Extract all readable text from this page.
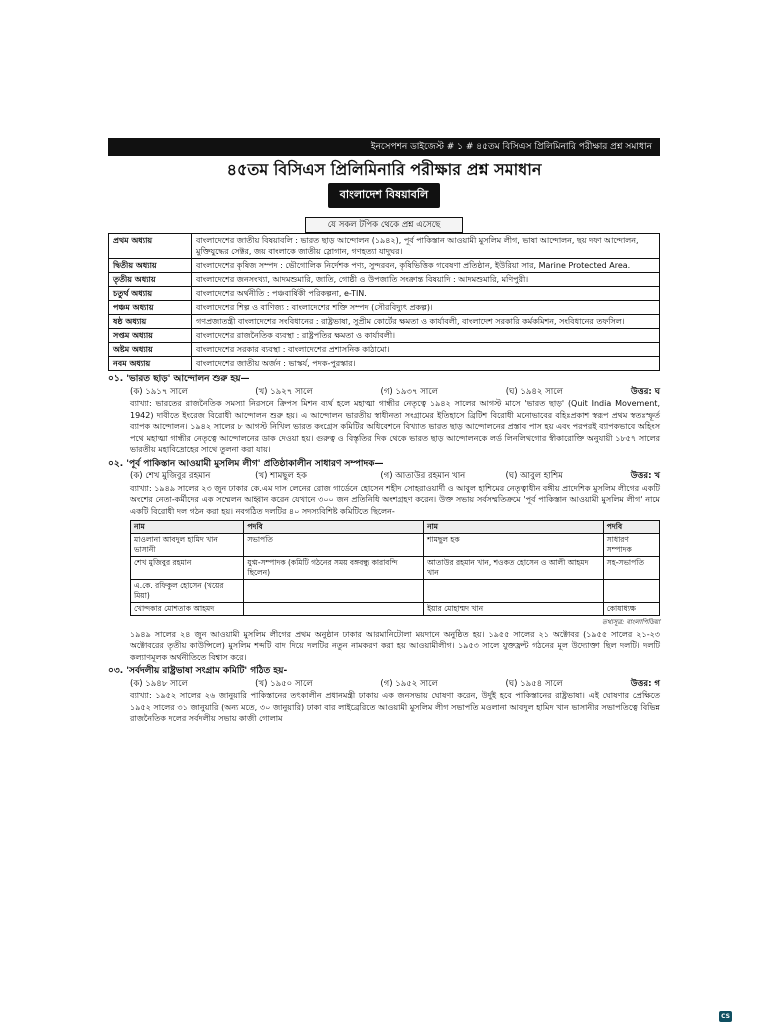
ইনসেপশন ডাইজেস্ট # ১ # ৪৫তম বিসিএস প্রিলিমিনারি পরীক্ষার প্রশ্ন সমাধান
৪৫তম বিসিএস প্রিলিমিনারি পরীক্ষার প্রশ্ন সমাধান
বাংলাদেশ বিষয়াবলি
যে সকল টপিক থেকে প্রশ্ন এসেছে
প্রথম অধ্যায়	বাংলাদেশের জাতীয় বিষয়াবলি : ভারত ছাড় আন্দোলন (১৯৪২), পূর্ব পাকিস্তান আওয়ামী মুসলিম লীগ, ভাষা আন্দোলন, ছয় দফা আন্দোলন, মুক্তিযুদ্ধের সেক্টর, জয় বাংলাকে জাতীয় স্লোগান, গণহত্যা যাদুঘর।
দ্বিতীয় অধ্যায়	বাংলাদেশের কৃষিজ সম্পদ : ভৌগোলিক নির্দেশক পণ্য, সুন্দরবন, কৃষিভিত্তিক গবেষণা প্রতিষ্ঠান, ইউরিয়া সার, Marine Protected Area.
তৃতীয় অধ্যায়	বাংলাদেশের জনসংখ্যা, আদমশুমারি, জাতি, গোষ্ঠী ও উপজাতি সংক্রান্ত বিষয়াদি : আদমশুমারি, মণিপুরী।
চতুর্থ অধ্যায়	বাংলাদেশের অর্থনীতি : পঞ্চবার্ষিকী পরিকল্পনা, e-TIN.
পঞ্চম অধ্যায়	বাংলাদেশের শিল্প ও বাণিজ্য : বাংলাদেশের শক্তি সম্পদ (সৌরবিদ্যুৎ প্রকল্প)।
ষষ্ঠ অধ্যায়	গণপ্রজাতন্ত্রী বাংলাদেশের সংবিধানের : রাষ্ট্রভাষা, সুপ্রীম কোর্টের ক্ষমতা ও কার্যাবলী, বাংলাদেশ সরকারি কর্মকমিশন, সংবিধানের তফসিল।
সপ্তম অধ্যায়	বাংলাদেশের রাজনৈতিক ব্যবস্থা : রাষ্ট্রপতির ক্ষমতা ও কার্যাবলী।
অষ্টম অধ্যায়	বাংলাদেশের সরকার ব্যবস্থা : বাংলাদেশের প্রশাসনিক কাঠামো।
নবম অধ্যায়	বাংলাদেশের জাতীয় অর্জন : ভাস্কর্য, পদক-পুরস্কার।
০১. 'ভারত ছাড়' আন্দোলন শুরু হয়—
(ক) ১৯১৭ সালে	(খ) ১৯২৭ সালে	(গ) ১৯৩৭ সালে	(ঘ) ১৯৪২ সালে	উত্তর: ঘ
ব্যাখ্যা: ভারতের রাজনৈতিক সমস্যা নিরসনে ক্রিপস মিশন ব্যর্থ হলে মহাত্মা গান্ধীর নেতৃত্বে ১৯৪২ সালের আগস্ট মাসে 'ভারত ছাড়' (Quit India Movement, 1942) দাবীতে ইংরেজ বিরোধী আন্দোলন শুরু হয়। এ আন্দোলন ভারতীয় স্বাধীনতা সংগ্রামের ইতিহাসে ব্রিটিশ বিরোধী মনোভাবের বহিঃপ্রকাশ স্বরূপ প্রথম স্বতঃস্ফূর্ত ব্যাপক আন্দোলন। ১৯৪২ সালের ৮ আগস্ট নিখিল ভারত কংগ্রেস কমিটির অধিবেশনে বিখ্যাত ভারত ছাড় আন্দোলনের প্রস্তাব পাস হয় এবং পরপরই ব্যাপকভাবে অহিংস পথে মহাত্মা গান্ধীর নেতৃত্বে আন্দোলনের ডাক দেওয়া হয়। গুরুত্ব ও বিস্তৃতির দিক থেকে ভারত ছাড় আন্দোলনকে লর্ড লিনলিথগোর স্বীকারোক্তি অনুযায়ী ১৮৫৭ সালের ভারতীয় মহাবিদ্রোহের সাথে তুলনা করা যায়।
০২. 'পূর্ব পাকিস্তান আওয়ামী মুসলিম লীগ' প্রতিষ্ঠাকালীন সাধারণ সম্পাদক—
(ক) শেখ মুজিবুর রহমান	(খ) শামছুল হক	(গ) আতাউর রহমান খান	(ঘ) আবুল হাশিম	উত্তর: খ
ব্যাখ্যা: ১৯৪৯ সালের ২৩ জুন ঢাকার কে.এম দাস লেনের রোজ গার্ডেনে হোসেন শহীদ সোহরাওয়ার্দী ও আবুল হাশিমের নেতৃত্বাধীন বঙ্গীয় প্রাদেশিক মুসলিম লীগের একটি অংশের নেতা-কর্মীদের এক সম্মেলন আহ্বান করেন যেখানে ৩০০ জন প্রতিনিধি অংশগ্রহণ করেন। উক্ত সভায় সর্বসম্মতিক্রমে 'পূর্ব পাকিস্তান আওয়ামী মুসলিম লীগ' নামে একটি বিরোধী দল গঠন করা হয়। নবগঠিত দলটির ৪০ সদস্যবিশিষ্ট কমিটিতে ছিলেন-
নাম	পদবি	নাম	পদবি
মাওলানা আবদুল হামিদ খান ভাসানী	সভাপতি	শামছুল হক	সাধারণ সম্পাদক
শেখ মুজিবুর রহমান	যুগ্ম-সম্পাদক (কমিটি গঠনের সময় বঙ্গবন্ধু কারাবন্দি ছিলেন)	আতাউর রহমান খান, শওকত হোসেন ও আলী আহমদ খান	সহ-সভাপতি
এ.কে. রফিকুল হোসেন (খয়ের মিয়া)			
খোন্দকার মোশতাক আহমদ		ইয়ার মোহাম্মদ খান	কোষাধ্যক্ষ
তথ্যসূত্র: বাংলাপিডিয়া
১৯৪৯ সালের ২৪ জুন আওয়ামী মুসলিম লীগের প্রথম অনুষ্ঠান ঢাকার আরমানিটোলা ময়দানে অনুষ্ঠিত হয়। ১৯৫৫ সালের ২১ অক্টোবর (১৯৫৫ সালের ২১-২৩ অক্টোবরের তৃতীয় কাউন্সিলে) মুসলিম শব্দটি বাদ দিয়ে দলটির নতুন নামকরণ করা হয় আওয়ামীলীগ। ১৯৫৩ সালে যুক্তফ্রন্ট গঠনের মূল উদ্যোক্তা ছিল দলটি। দলটি কল্যাণমূলক অর্থনীতিতে বিশ্বাস করে।
০৩. 'সর্বদলীয় রাষ্ট্রভাষা সংগ্রাম কমিটি' গঠিত হয়-
(ক) ১৯৪৮ সালে	(খ) ১৯৫০ সালে	(গ) ১৯৫২ সালে	(ঘ) ১৯৫৪ সালে	উত্তর: গ
ব্যাখ্যা: ১৯৫২ সালের ২৬ জানুয়ারি পাকিস্তানের তৎকালীন প্রধানমন্ত্রী ঢাকায় এক জনসভায় ঘোষণা করেন, উর্দুই হবে পাকিস্তানের রাষ্ট্রভাষা। এই ঘোষণার প্রেক্ষিতে ১৯৫২ সালের ৩১ জানুয়ারি (অন্য মতে, ৩০ জানুয়ারি) ঢাকা বার লাইব্রেরিতে আওয়ামী মুসলিম লীগ সভাপতি মওলানা আবদুল হামিদ খান ভাসানীর সভাপতিত্বে বিভিন্ন রাজনৈতিক দলের সর্বদলীয় সভায় কাজী গোলাম
CS
